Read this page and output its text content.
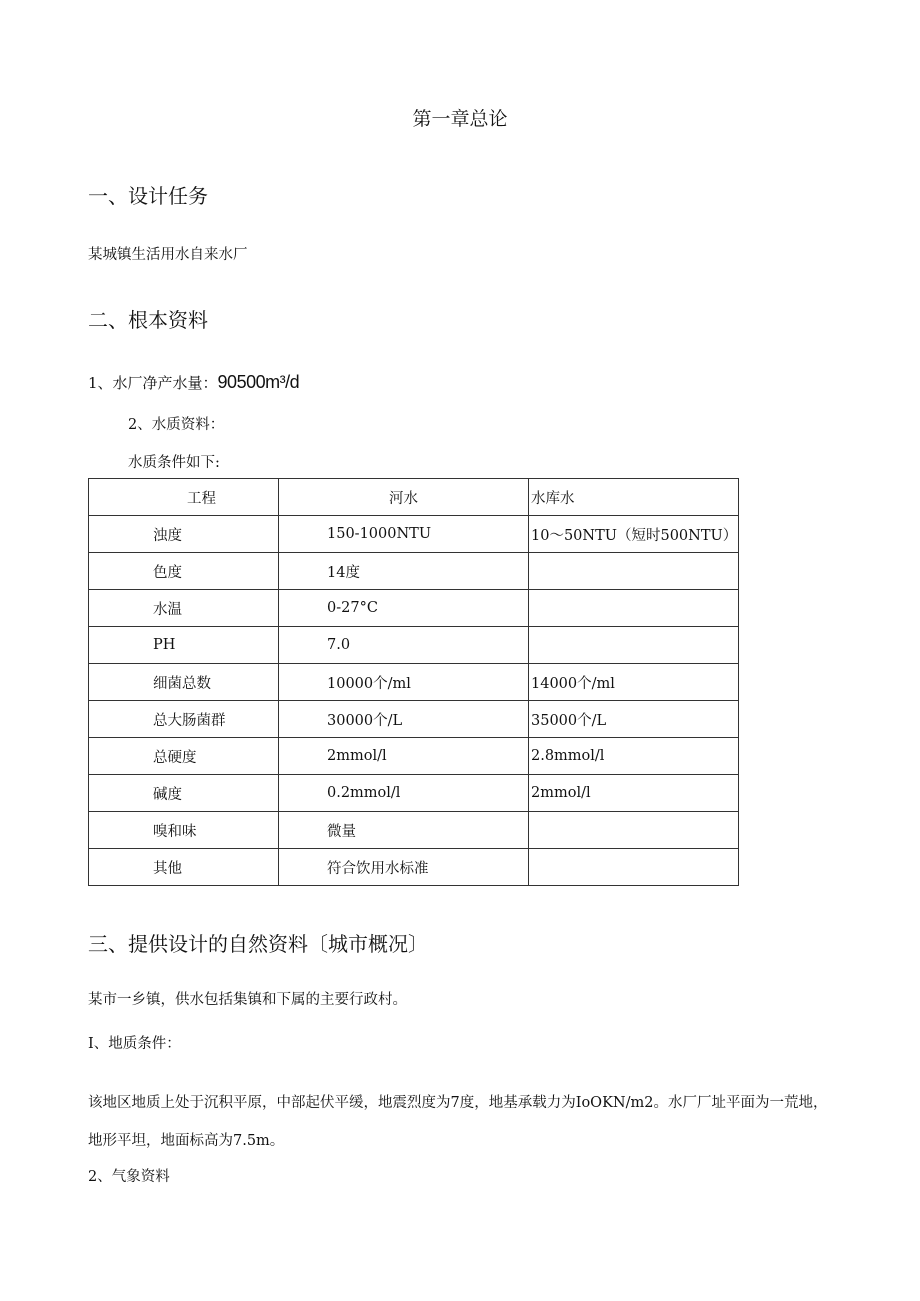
第一章总论
一、设计任务
某城镇生活用水自来水厂
二、根本资料
1、水厂净产水量：90500m³/d
2、水质资料：
水质条件如下:
工程	河水	水库水
浊度	150-1000NTU	10～50NTU（短时500NTU）
色度	14度	
水温	0-27°C	
PH	7.0	
细菌总数	10000个/ml	14000个/ml
总大肠菌群	30000个/L	35000个/L
总硬度	2mmol/l	2.8mmol/l
碱度	0.2mmol/l	2mmol/l
嗅和味	微量	
其他	符合饮用水标准	
三、提供设计的自然资料〔城市概况〕
某市一乡镇，供水包括集镇和下属的主要行政村。
I、地质条件：
该地区地质上处于沉积平原，中部起伏平缓，地震烈度为7度，地基承载力为IoOKN/m2。水厂厂址平面为一荒地，地形平坦，地面标高为7.5m。
2、气象资料
